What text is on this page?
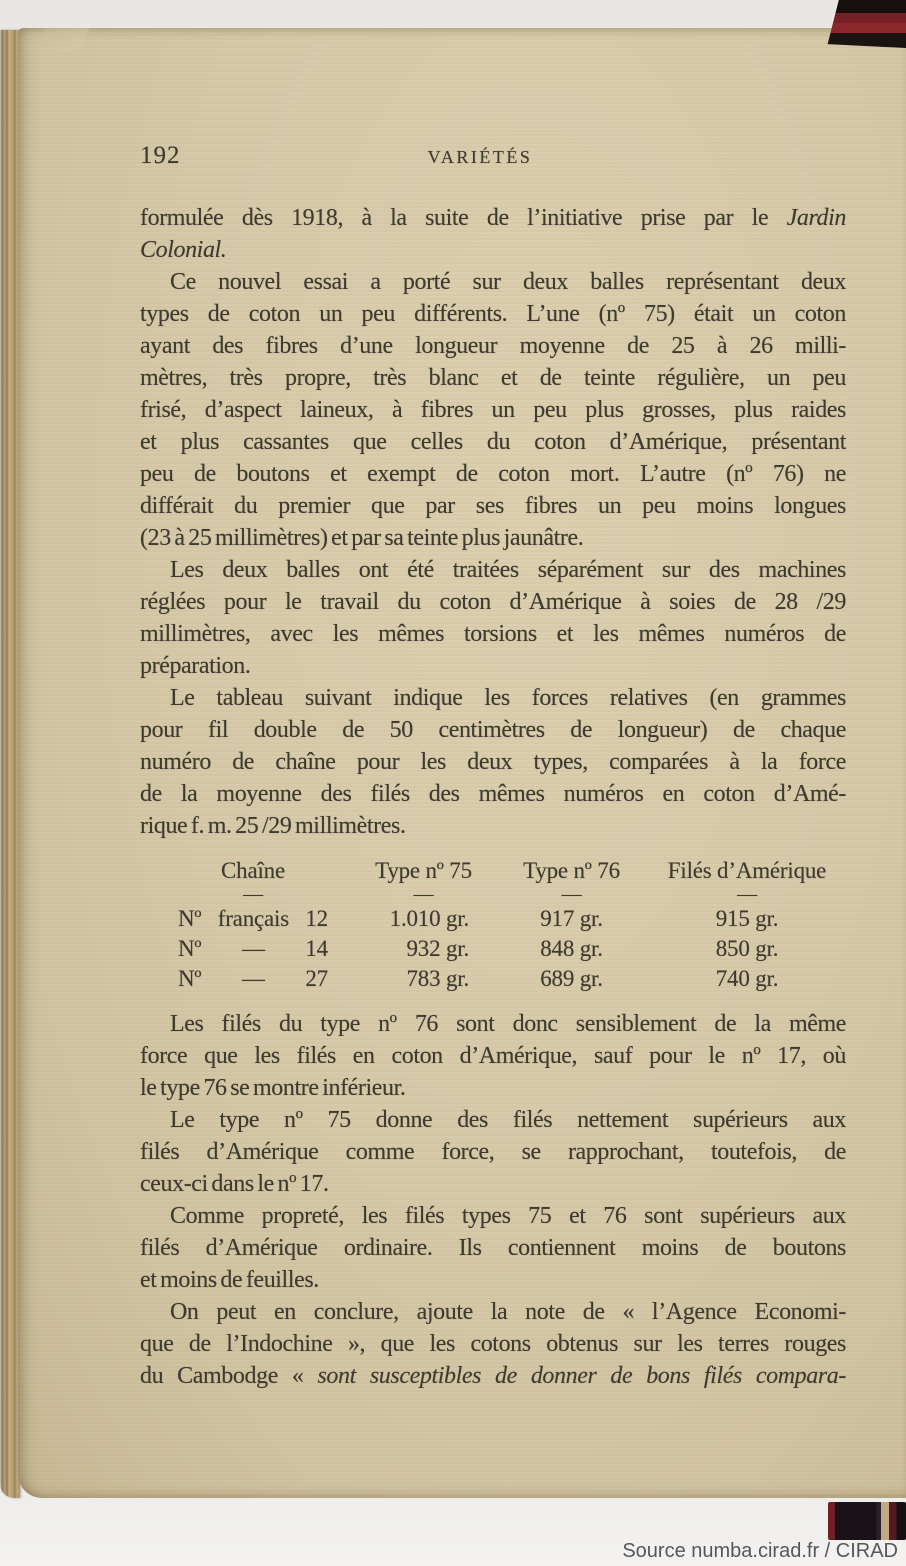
192	VARIÉTÉS
formulée dès 1918, à la suite de l’initiative prise par le Jardin
Colonial.
Ce nouvel essai a porté sur deux balles représentant deux
types de coton un peu différents. L’une (nº 75) était un coton
ayant des fibres d’une longueur moyenne de 25 à 26 milli-
mètres, très propre, très blanc et de teinte régulière, un peu
frisé, d’aspect laineux, à fibres un peu plus grosses, plus raides
et plus cassantes que celles du coton d’Amérique, présentant
peu de boutons et exempt de coton mort. L’autre (nº 76) ne
différait du premier que par ses fibres un peu moins longues
(23 à 25 millimètres) et par sa teinte plus jaunâtre.
Les deux balles ont été traitées séparément sur des machines
réglées pour le travail du coton d’Amérique à soies de 28 /29
millimètres, avec les mêmes torsions et les mêmes numéros de
préparation.
Le tableau suivant indique les forces relatives (en grammes
pour fil double de 50 centimètres de longueur) de chaque
numéro de chaîne pour les deux types, comparées à la force
de la moyenne des filés des mêmes numéros en coton d’Amé-
rique f. m. 25 /29 millimètres.
Chaîne	Type nº 75	Type nº 76 Filés d’Amérique
—	—	—	—
Nº français 12	1.010 gr.	917 gr.	915 gr.
Nº — 14	932 gr.	848 gr.	850 gr.
Nº — 27	783 gr.	689 gr.	740 gr.
Les filés du type nº 76 sont donc sensiblement de la même
force que les filés en coton d’Amérique, sauf pour le nº 17, où
le type 76 se montre inférieur.
Le type nº 75 donne des filés nettement supérieurs aux
filés d’Amérique comme force, se rapprochant, toutefois, de
ceux-ci dans le nº 17.
Comme propreté, les filés types 75 et 76 sont supérieurs aux
filés d’Amérique ordinaire. Ils contiennent moins de boutons
et moins de feuilles.
On peut en conclure, ajoute la note de « l’Agence Economi-
que de l’Indochine », que les cotons obtenus sur les terres rouges
du Cambodge « sont susceptibles de donner de bons filés compara-
Source numba.cirad.fr / CIRAD
